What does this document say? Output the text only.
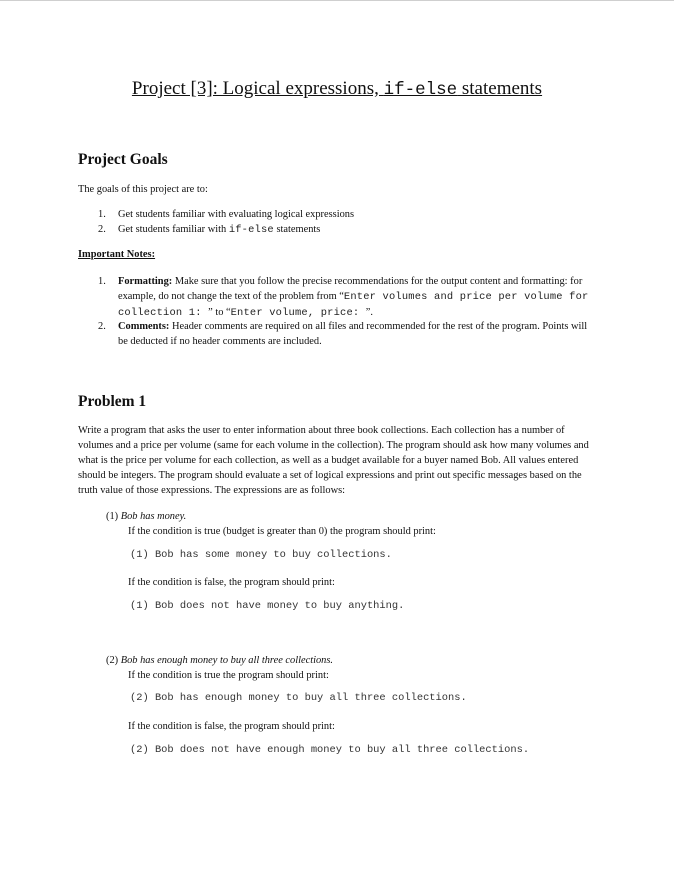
Project [3]: Logical expressions, if-else statements
Project Goals

The goals of this project are to:

1. Get students familiar with evaluating logical expressions
2. Get students familiar with if-else statements
Important Notes:
1. Formatting: Make sure that you follow the precise recommendations for the output content and formatting: for example, do not change the text of the problem from “Enter volumes and price per volume for collection 1: ” to “Enter volume, price: ”.
2. Comments: Header comments are required on all files and recommended for the rest of the program. Points will be deducted if no header comments are included.
Problem 1

Write a program that asks the user to enter information about three book collections. Each collection has a number of volumes and a price per volume (same for each volume in the collection). The program should ask how many volumes and what is the price per volume for each collection, as well as a budget available for a buyer named Bob. All values entered should be integers. The program should evaluate a set of logical expressions and print out specific messages based on the truth value of those expressions. The expressions are as follows:

(1) Bob has money.
If the condition is true (budget is greater than 0) the program should print:
(1) Bob has some money to buy collections.
If the condition is false, the program should print:
(1) Bob does not have money to buy anything.
(2) Bob has enough money to buy all three collections.
If the condition is true the program should print:
(2) Bob has enough money to buy all three collections.
If the condition is false, the program should print:
(2) Bob does not have enough money to buy all three collections.
